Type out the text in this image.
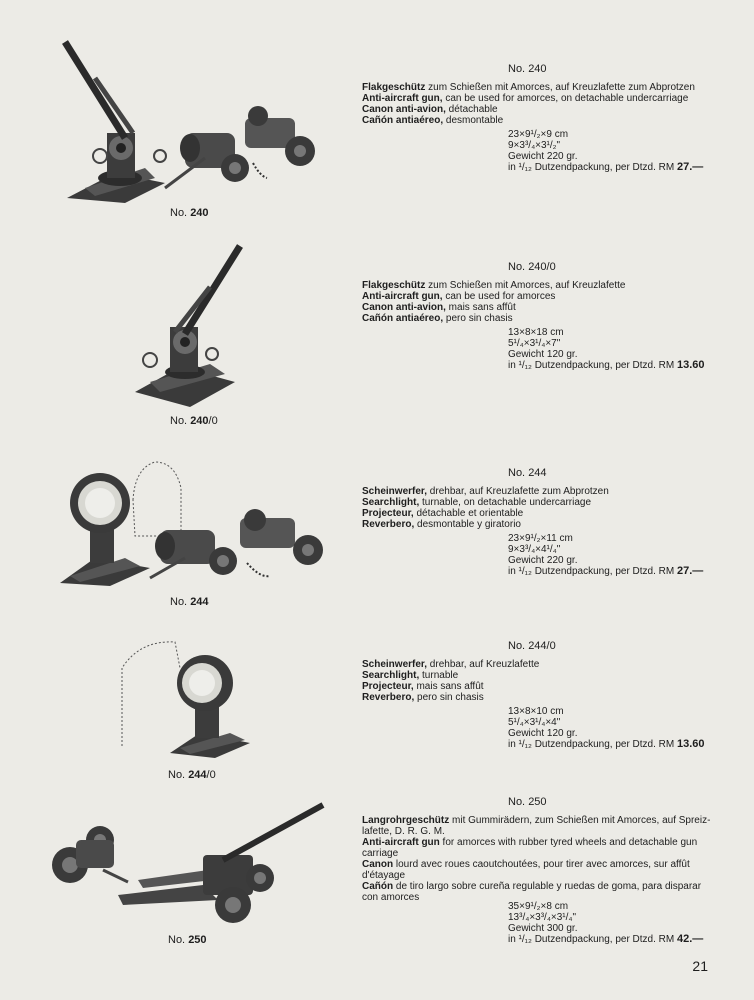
No. 240
No. 240
Flakgeschütz zum Schießen mit Amorces, auf Kreuzlafette zum Abprotzen
Anti-aircraft gun, can be used for amorces, on detachable undercarriage
Canon anti-avion, détachable
Cañón antiaéreo, desmontable
23×9¹/₂×9 cm
9×3³/₄×3¹/₂"
Gewicht 220 gr.
in ¹/₁₂ Dutzendpackung, per Dtzd. RM 27.—
No. 240/0
No. 240/0
Flakgeschütz zum Schießen mit Amorces, auf Kreuzlafette
Anti-aircraft gun, can be used for amorces
Canon anti-avion, mais sans affût
Cañón antiaéreo, pero sin chasis
13×8×18 cm
5¹/₄×3¹/₄×7"
Gewicht 120 gr.
in ¹/₁₂ Dutzendpackung, per Dtzd. RM 13.60
No. 244
No. 244
Scheinwerfer, drehbar, auf Kreuzlafette zum Abprotzen
Searchlight, turnable, on detachable undercarriage
Projecteur, détachable et orientable
Reverbero, desmontable y giratorio
23×9¹/₂×11 cm
9×3³/₄×4¹/₄"
Gewicht 220 gr.
in ¹/₁₂ Dutzendpackung, per Dtzd. RM 27.—
No. 244/0
No. 244/0
Scheinwerfer, drehbar, auf Kreuzlafette
Searchlight, turnable
Projecteur, mais sans affût
Reverbero, pero sin chasis
13×8×10 cm
5¹/₄×3¹/₄×4"
Gewicht 120 gr.
in ¹/₁₂ Dutzendpackung, per Dtzd. RM 13.60
No. 250
No. 250
Langrohrgeschütz mit Gummirädern, zum Schießen mit Amorces, auf Spreiz-lafette, D. R. G. M.
Anti-aircraft gun for amorces with rubber tyred wheels and detachable gun carriage
Canon lourd avec roues caoutchoutées, pour tirer avec amorces, sur affût d'étayage
Cañón de tiro largo sobre cureña regulable y ruedas de goma, para disparar con amorces
35×9¹/₂×8 cm
13³/₄×3³/₄×3¹/₄"
Gewicht 300 gr.
in ¹/₁₂ Dutzendpackung, per Dtzd. RM 42.—
21
